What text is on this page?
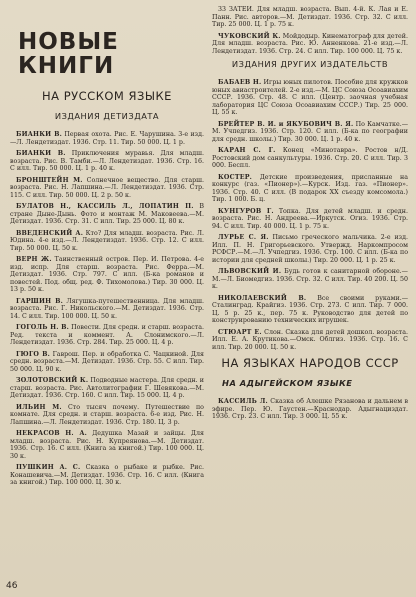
НОВЫЕ КНИГИ
НА РУССКОМ ЯЗЫКЕ
ИЗДАНИЯ ДЕТИЗДАТА

БИАНКИ В. Первая охота. Рис. Е. Чарушина. 3-е изд.—Л. Лендетиздат. 1936. Стр. 11. Тир. 50 000. Ц. 1 р.

БИАНКИ В. Приключения муравья. Для младш. возраста. Рис. В. Тамби.—Л. Лендетиздат. 1936. Стр. 16. С илл. Тир. 50 000. Ц. 1 р. 40 к.

БРОНШТЕЙН М. Солнечное вещество. Для старш. возраста. Рис. Н. Лапшина.—Л. Лендетиздат. 1936. Стр. 115. С илл. Тир. 50 000. Ц. 2 р. 50 к.

БУЛАТОВ Н., КАССИЛЬ Л., ЛОПАТИН П. В стране Дыне-Дынь. Фото и монтаж М. Маковеева.—М. Детиздат. 1936. Стр. 31. С илл. Тир. 25 000. Ц. 80 к.

ВВЕДЕНСКИЙ А. Кто? Для младш. возраста. Рис. Л. Юдина. 4-е изд.—Л. Лендетиздат. 1936. Стр. 12. С илл. Тир. 50 000. Ц. 50 к.

ВЕРН Ж. Таинственный остров. Пер. И. Петрова. 4-е изд. испр. Для старш. возраста. Рис. Ферра.—М. Детиздат. 1936. Стр. 797. С илл. (Б-ка романов и повестей. Под. общ. ред. Ф. Тихомолова.) Тир. 30 000. Ц. 13 р. 50 к.

ГАРШИН В. Лягушка-путешественница. Для младш. возраста. Рис. Г. Никольского.—М. Детиздат. 1936. Стр. 14. С илл. Тир. 100 000. Ц. 50 к.

ГОГОЛЬ Н. В. Повести. Для средн. и старш. возраста. Ред. текста и коммент. А. Слонимского.—Л. Лендетиздат. 1936. Стр. 284. Тир. 25 000. Ц. 4 р.

ГЮГО В. Гаврош. Пер. и обработка С. Чацкиной. Для средн. возраста.—М. Детиздат. 1936. Стр. 55. С илл. Тир. 50 000. Ц. 90 к.

ЗОЛОТОВСКИЙ К. Подводные мастера. Для средн. и старш. возраста. Рис. Автолитографии Г. Шевякова.—М. Детиздат. 1936. Стр. 160. С илл. Тир. 15 000. Ц. 4 р.

ИЛЬИН М. Сто тысяч почему. Путешествие по комнате. Для средн. и старш. возраста. 6-е изд. Рис. Н. Лапшина.—Л. Лендетиздат. 1936. Стр. 180. Ц. 3 р.

НЕКРАСОВ Н. А. Дедушка Мазай и зайцы. Для младш. возраста. Рис. Н. Купреянова.—М. Детиздат. 1936. Стр. 16. С илл. (Книга за книгой.) Тир. 100 000. Ц. 30 к.

ПУШКИН А. С. Сказка о рыбаке и рыбке. Рис. Конашевича.—М. Детиздат. 1936. Стр. 16. С илл. (Книга за книгой.) Тир. 100 000. Ц. 30 к.

33 ЗАТЕИ. Для младш. возраста. Вып. 4-й. К. Лая и Е. Панн. Рис. авторов.—М. Детиздат. 1936. Стр. 32. С илл. Тир. 25 000. Ц. 1 р. 75 к.

ЧУКОВСКИЙ К. Мойдодыр. Кинематограф для детей. Для младш. возраста. Рис. Ю. Анненкова. 21-е изд.—Л. Лендетиздат. 1936. Стр. 24. С илл. Тир. 100 000. Ц. 75 к.

ИЗДАНИЯ ДРУГИХ ИЗДАТЕЛЬСТВ

БАБАЕВ Н. Игры юных пилотов. Пособие для кружков юных авиастроителей. 2-е изд.—М. ЦС Союза Осоавиахим СССР. 1936. Стр. 48. С илл. (Центр. заочная учебная лаборатория ЦС Союза Осоавиахим СССР.) Тир. 25 000. Ц. 55 к.

БРЕЙТЕР В. И. и ЯКУБОВИЧ В. Я. По Камчатке.—М. Учпедгиз. 1936. Стр. 120. С илл. (Б-ка по географии для средн. школы.) Тир. 30 000. Ц. 1 р. 40 к.

КАРАН С. Г. Конец «Минотавра». Ростов н/Д. Ростовский дом санкультуры. 1936. Стр. 20. С илл. Тир. 3 000. Беспл.

КОСТЕР. Детские произведения, присланные на конкурс (газ. «Пионер»).—Курск. Изд. газ. «Пионер». 1936. Стр. 40. С илл. (В подарок XX съезду комсомола.) Тир. 1 000. Б. ц.

КУНГУРОВ Г. Топка. Для детей младш. и средн. возраста. Рис. Н. Андреева.—Иркутск. Огиз. 1936. Стр. 94. С илл. Тир. 40 000. Ц. 1 р. 75 к.

ЛУРЬЕ С. Я. Письмо греческого мальчика. 2-е изд. Илл. П. Н. Григорьевского. Утвержд. Наркомпросом РСФСР.—М.—Л. Учпедгиз. 1936. Стр. 100. С илл. (Б-ка по истории для средней школы.) Тир. 20 000. Ц. 1 р. 25 к.

ЛЬВОВСКИЙ И. Будь готов к санитарной обороне.—М.—Л. Биомедгиз. 1936. Стр. 32. С илл. Тир. 40 200. Ц. 50 к.

НИКОЛАЕВСКИЙ В. Все своими руками.—Сталинград. Крайгиз. 1936. Стр. 273. С илл. Тир. 7 000. Ц. 5 р. 25 к., пер. 75 к. Руководство для детей по конструированию технических игрушек.

СТЮАРТ Е. Слон. Сказка для детей дошкол. возраста. Илл. Е. А. Крутикова.—Омск. Облгиз. 1936. Стр. 16. С илл. Тир. 20 000. Ц. 50 к.

НА ЯЗЫКАХ НАРОДОВ СССР
НА АДЫГЕЙСКОМ ЯЗЫКЕ

КАССИЛЬ Л. Сказка об Алешке Рязанова и дальнем в эфире. Пер. Ю. Гаустен.—Краснодар. Адыгнациздат. 1936. Стр. 23. С илл. Тир. 3 000. Ц. 55 к.

46
